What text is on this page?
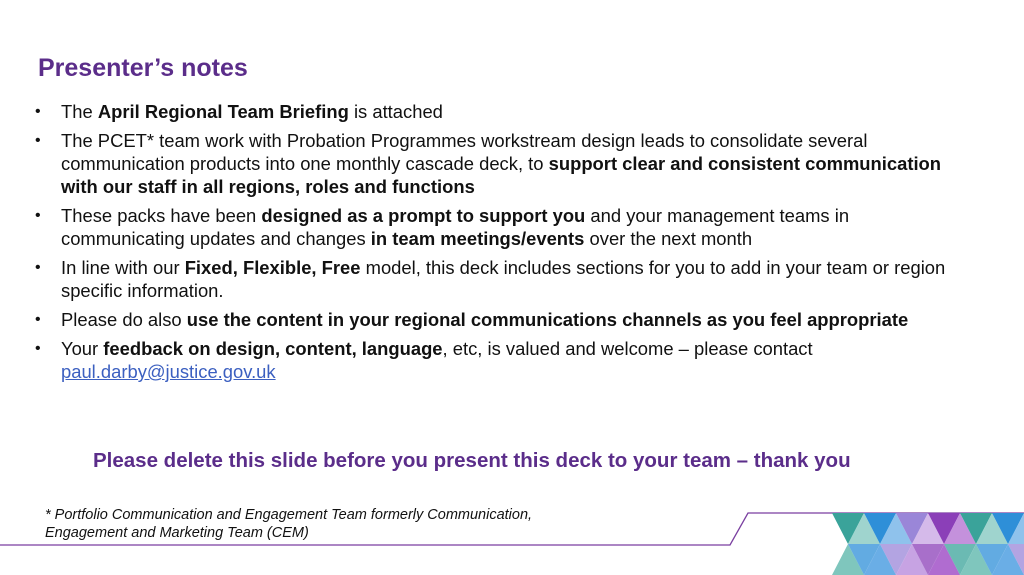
Presenter’s notes
• The April Regional Team Briefing is attached
• The PCET* team work with Probation Programmes workstream design leads to consolidate several communication products into one monthly cascade deck, to support clear and consistent communication with our staff in all regions, roles and functions
• These packs have been designed as a prompt to support you and your management teams in communicating updates and changes in team meetings/events over the next month
• In line with our Fixed, Flexible, Free model, this deck includes sections for you to add in your team or region specific information.
• Please do also use the content in your regional communications channels as you feel appropriate
• Your feedback on design, content, language, etc, is valued and welcome – please contact paul.darby@justice.gov.uk
Please delete this slide before you present this deck to your team – thank you
* Portfolio Communication and Engagement Team formerly Communication,
Engagement and Marketing Team (CEM)
